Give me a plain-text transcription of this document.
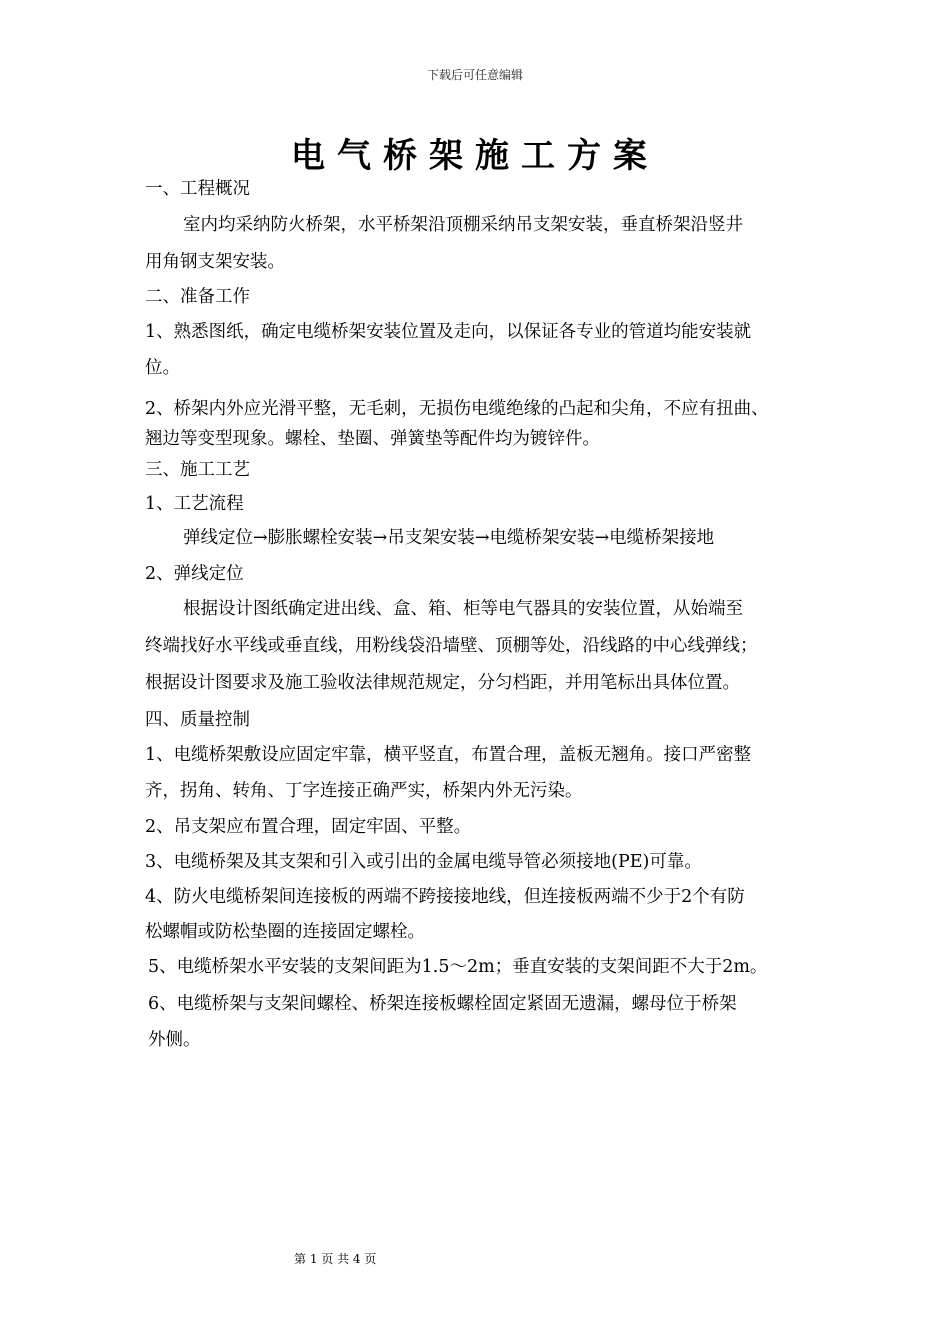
下载后可任意编辑
电气桥架施工方案
一、工程概况
室内均采纳防火桥架，水平桥架沿顶棚采纳吊支架安装，垂直桥架沿竖井
用角钢支架安装。
二、准备工作
1、熟悉图纸，确定电缆桥架安装位置及走向，以保证各专业的管道均能安装就
位。
2、桥架内外应光滑平整，无毛刺，无损伤电缆绝缘的凸起和尖角，不应有扭曲、
翘边等变型现象。螺栓、垫圈、弹簧垫等配件均为镀锌件。
三、施工工艺
1、工艺流程
弹线定位→膨胀螺栓安装→吊支架安装→电缆桥架安装→电缆桥架接地
2、弹线定位
根据设计图纸确定进出线、盒、箱、柜等电气器具的安装位置，从始端至
终端找好水平线或垂直线，用粉线袋沿墙壁、顶棚等处，沿线路的中心线弹线；
根据设计图要求及施工验收法律规范规定，分匀档距，并用笔标出具体位置。
四、质量控制
1、电缆桥架敷设应固定牢靠，横平竖直，布置合理，盖板无翘角。接口严密整
齐，拐角、转角、丁字连接正确严实，桥架内外无污染。
2、吊支架应布置合理，固定牢固、平整。
3、电缆桥架及其支架和引入或引出的金属电缆导管必须接地(PE)可靠。
4、防火电缆桥架间连接板的两端不跨接接地线，但连接板两端不少于2个有防
松螺帽或防松垫圈的连接固定螺栓。
5、电缆桥架水平安装的支架间距为1.5～2m；垂直安装的支架间距不大于2m。
6、电缆桥架与支架间螺栓、桥架连接板螺栓固定紧固无遗漏，螺母位于桥架
外侧。
第 1 页 共 4 页
